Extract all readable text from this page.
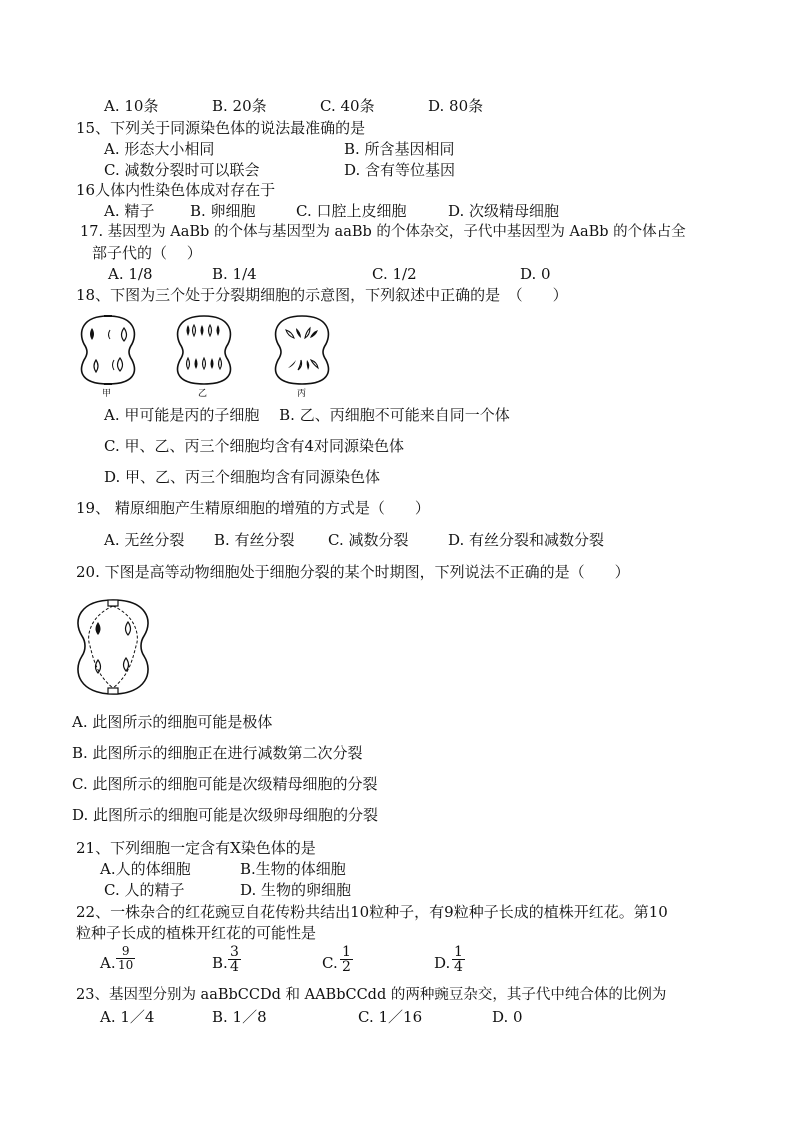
A. 10条	B. 20条	C. 40条	D. 80条
15、下列关于同源染色体的说法最准确的是
A. 形态大小相同	B. 所含基因相同
C. 减数分裂时可以联会	D. 含有等位基因
16人体内性染色体成对存在于
A. 精子 B. 卵细胞	C. 口腔上皮细胞	D. 次级精母细胞
17. 基因型为 AaBb 的个体与基因型为 aaBb 的个体杂交，子代中基因型为 AaBb 的个体占全
部子代的（　 ）
A. 1/8	B. 1/4	C. 1/2	D. 0
18、下图为三个处于分裂期细胞的示意图，下列叙述中正确的是　（　　）
甲	乙	丙
A. 甲可能是丙的子细胞　 B. 乙、丙细胞不可能来自同一个体
C. 甲、乙、丙三个细胞均含有4对同源染色体
D. 甲、乙、丙三个细胞均含有同源染色体
19、 精原细胞产生精原细胞的增殖的方式是（　　）
A. 无丝分裂 B. 有丝分裂 C. 减数分裂	D. 有丝分裂和减数分裂
20. 下图是高等动物细胞处于细胞分裂的某个时期图，下列说法不正确的是（　　）
A. 此图所示的细胞可能是极体
B. 此图所示的细胞正在进行减数第二次分裂
C. 此图所示的细胞可能是次级精母细胞的分裂
D. 此图所示的细胞可能是次级卵母细胞的分裂
21、下列细胞一定含有X染色体的是
A.人的体细胞	B.生物的体细胞
C. 人的精子	D. 生物的卵细胞
22、一株杂合的红花豌豆自花传粉共结出10粒种子，有9粒种子长成的植株开红花。第10
粒种子长成的植株开红花的可能性是
A. $\frac{9}{10}$	B. $\frac{3}{4}$	C. $\frac{1}{2}$	D. $\frac{1}{4}$
23、基因型分别为 aaBbCCDd 和 AABbCCdd 的两种豌豆杂交，其子代中纯合体的比例为
A. 1／4	B. 1／8	C. 1／16	D. 0
